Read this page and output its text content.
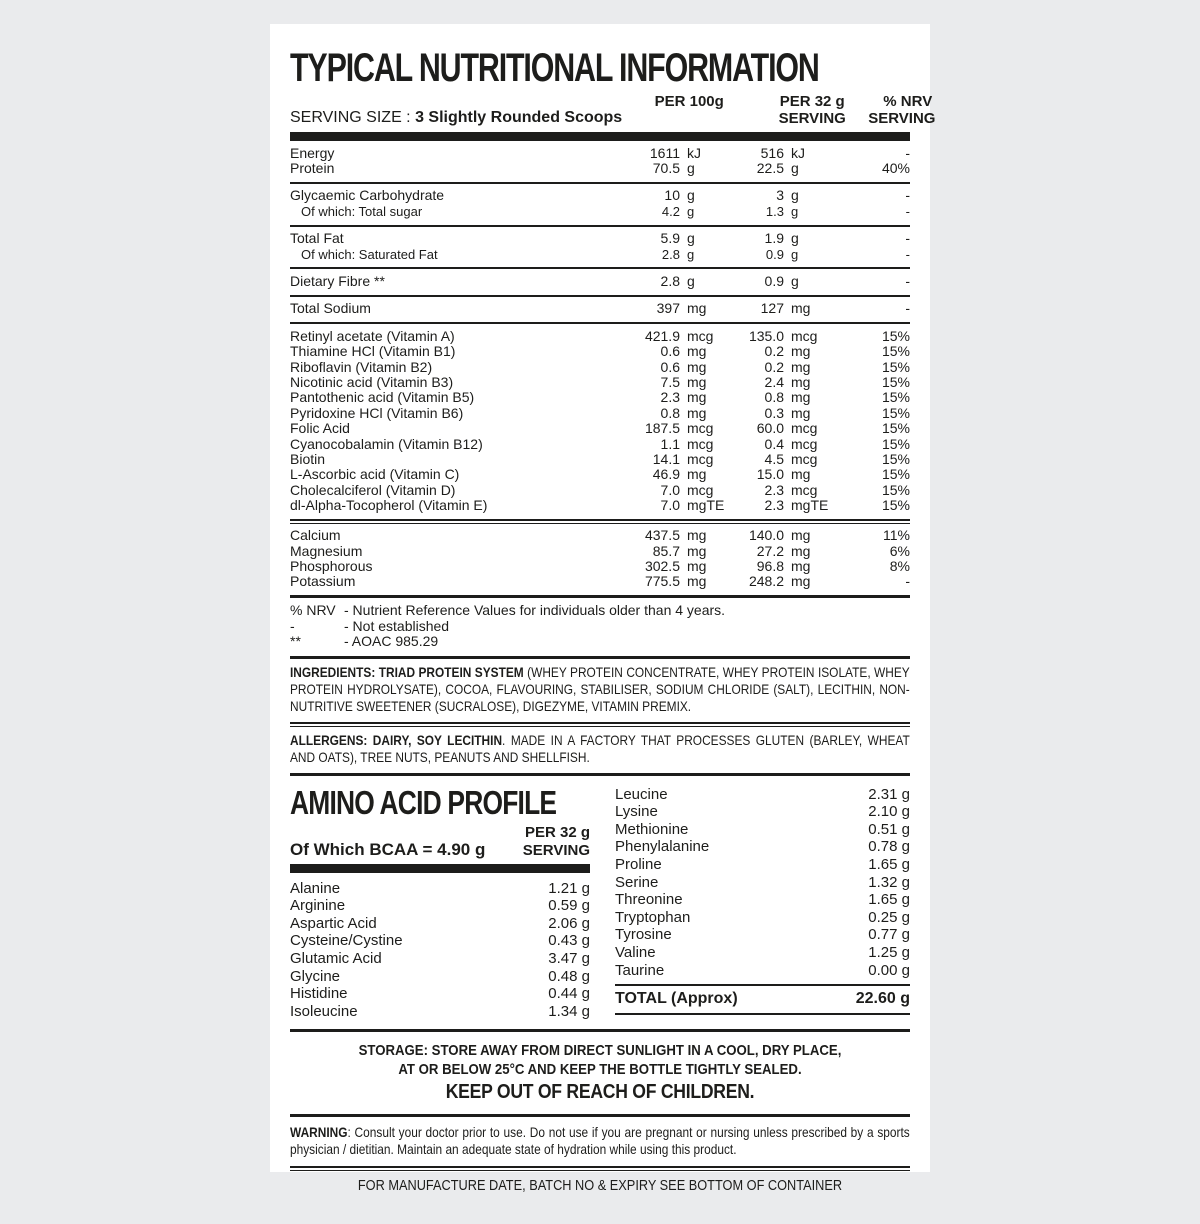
TYPICAL NUTRITIONAL INFORMATION
SERVING SIZE : 3 Slightly Rounded Scoops
PER 100g
	PER 32 g
SERVING
% NRV
SERVING
Energy	1611 kJ	516 kJ	-
Protein	70.5 g	22.5 g	40%
Glycaemic Carbohydrate	10 g	3 g	-
Of which: Total sugar	4.2 g	1.3 g	-
Total Fat	5.9 g	1.9 g	-
Of which: Saturated Fat	2.8 g	0.9 g	-
Dietary Fibre **	2.8 g	0.9 g	-
Total Sodium	397 mg	127 mg	-
Retinyl acetate (Vitamin A)	421.9 mcg	135.0 mcg	15%
Thiamine HCl (Vitamin B1)	0.6 mg	0.2 mg	15%
Riboflavin (Vitamin B2)	0.6 mg	0.2 mg	15%
Nicotinic acid (Vitamin B3)	7.5 mg	2.4 mg	15%
Pantothenic acid (Vitamin B5)	2.3 mg	0.8 mg	15%
Pyridoxine HCl (Vitamin B6)	0.8 mg	0.3 mg	15%
Folic Acid	187.5 mcg	60.0 mcg	15%
Cyanocobalamin (Vitamin B12)	1.1 mcg	0.4 mcg	15%
Biotin	14.1 mcg	4.5 mcg	15%
L-Ascorbic acid (Vitamin C)	46.9 mg	15.0 mg	15%
Cholecalciferol (Vitamin D)	7.0 mcg	2.3 mcg	15%
dl-Alpha-Tocopherol (Vitamin E)	7.0 mgTE	2.3 mgTE	15%
Calcium	437.5 mg	140.0 mg	11%
Magnesium	85.7 mg	27.2 mg	6%
Phosphorous	302.5 mg	96.8 mg	8%
Potassium	775.5 mg	248.2 mg	-
% NRV - Nutrient Reference Values for individuals older than 4 years.
-	- Not established
**	- AOAC 985.29
INGREDIENTS: TRIAD PROTEIN SYSTEM (WHEY PROTEIN CONCENTRATE, WHEY PROTEIN ISOLATE, WHEY PROTEIN HYDROLYSATE), COCOA, FLAVOURING, STABILISER, SODIUM CHLORIDE (SALT), LECITHIN, NON-NUTRITIVE SWEETENER (SUCRALOSE), DIGEZYME, VITAMIN PREMIX.
ALLERGENS: DAIRY, SOY LECITHIN. MADE IN A FACTORY THAT PROCESSES GLUTEN (BARLEY, WHEAT AND OATS), TREE NUTS, PEANUTS AND SHELLFISH.
AMINO ACID PROFILE
PER 32 g
Of Which BCAA = 4.90 g SERVING
Alanine	1.21 g
Arginine	0.59 g
Aspartic Acid	2.06 g
Cysteine/Cystine	0.43 g
Glutamic Acid	3.47 g
Glycine	0.48 g
Histidine	0.44 g
Isoleucine	1.34 g
Leucine	2.31 g
Lysine	2.10 g
Methionine	0.51 g
Phenylalanine	0.78 g
Proline	1.65 g
Serine	1.32 g
Threonine	1.65 g
Tryptophan	0.25 g
Tyrosine	0.77 g
Valine	1.25 g
Taurine	0.00 g
TOTAL (Approx)	22.60 g
STORAGE: STORE AWAY FROM DIRECT SUNLIGHT IN A COOL, DRY PLACE,
AT OR BELOW 25°C AND KEEP THE BOTTLE TIGHTLY SEALED.
KEEP OUT OF REACH OF CHILDREN.
WARNING: Consult your doctor prior to use. Do not use if you are pregnant or nursing unless prescribed by a sports physician / dietitian. Maintain an adequate state of hydration while using this product.
FOR MANUFACTURE DATE, BATCH NO & EXPIRY SEE BOTTOM OF CONTAINER
